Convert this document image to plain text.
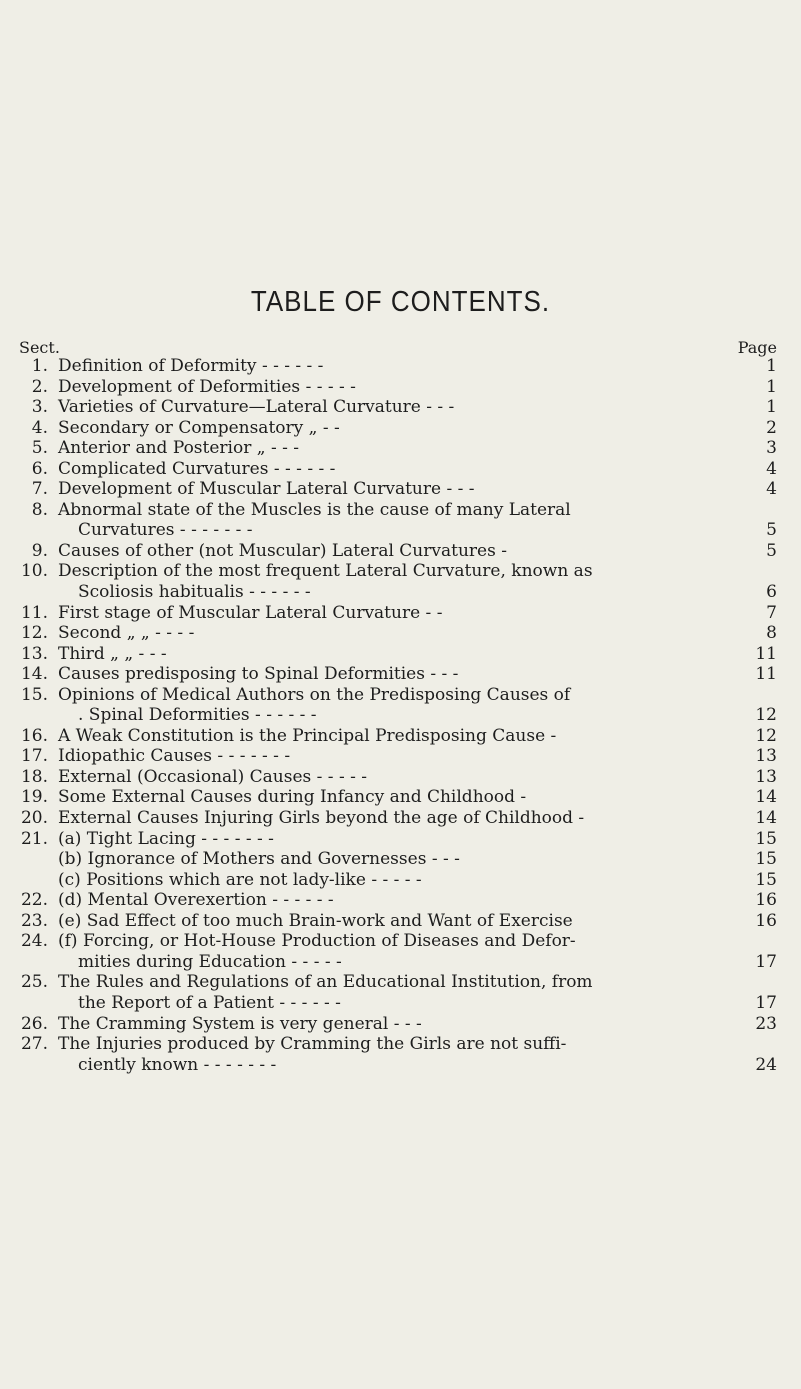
TABLE OF CONTENTS.
Sect.	Page
1. Definition of Deformity - - - - - -	1
2. Development of Deformities - - - - -	1
3. Varieties of Curvature—Lateral Curvature - - -	1
4. Secondary or Compensatory „ - -	2
5. Anterior and Posterior „ - - -	3
6. Complicated Curvatures - - - - - -	4
7. Development of Muscular Lateral Curvature - - -	4
8. Abnormal state of the Muscles is the cause of many Lateral
Curvatures - - - - - - -	5
9. Causes of other (not Muscular) Lateral Curvatures -	5
10. Description of the most frequent Lateral Curvature, known as
Scoliosis habitualis - - - - - -	6
11. First stage of Muscular Lateral Curvature - -	7
12. Second „ „ - - - -	8
13. Third „ „ - - -	11
14. Causes predisposing to Spinal Deformities - - -	11
15. Opinions of Medical Authors on the Predisposing Causes of
. Spinal Deformities - - - - - -	12
16. A Weak Constitution is the Principal Predisposing Cause -	12
17. Idiopathic Causes - - - - - - -	13
18. External (Occasional) Causes - - - - -	13
19. Some External Causes during Infancy and Childhood -	14
20. External Causes Injuring Girls beyond the age of Childhood -	14
21. (a) Tight Lacing - - - - - - -	15
(b) Ignorance of Mothers and Governesses - - -	15
(c) Positions which are not lady-like - - - - -	15
22. (d) Mental Overexertion - - - - - -	16
23. (e) Sad Effect of too much Brain-work and Want of Exercise	16
24. (f) Forcing, or Hot-House Production of Diseases and Defor-
mities during Education - - - - -	17
25. The Rules and Regulations of an Educational Institution, from
the Report of a Patient - - - - - -	17
26. The Cramming System is very general - - -	23
27. The Injuries produced by Cramming the Girls are not suffi-
ciently known - - - - - - -	24
